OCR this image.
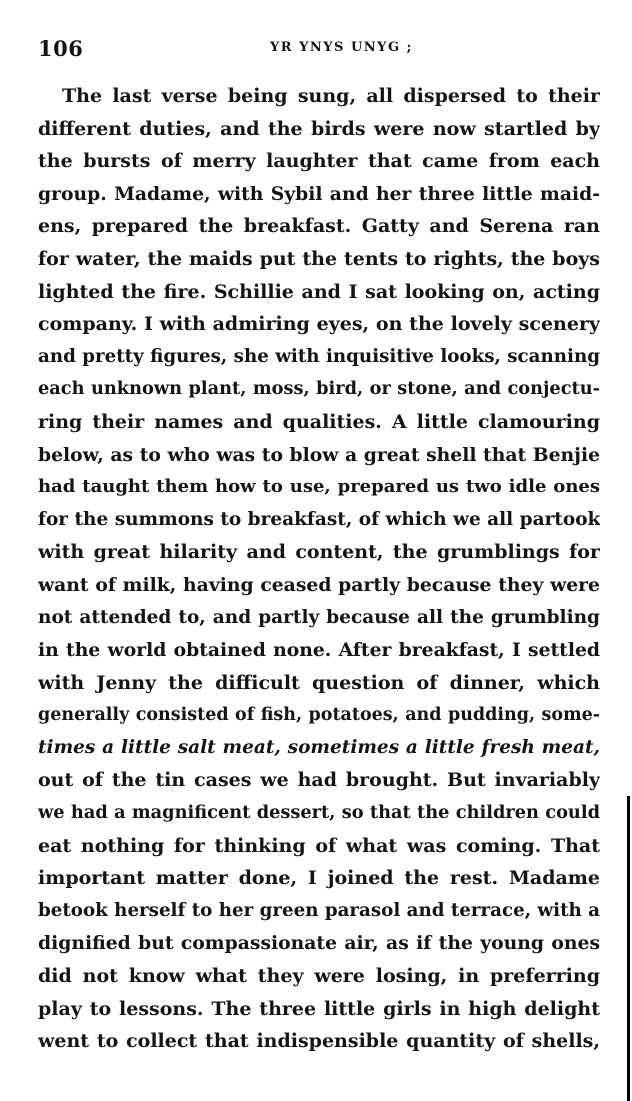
106	YR YNYS UNYG ;
The last verse being sung, all dispersed to their
different duties, and the birds were now startled by
the bursts of merry laughter that came from each
group. Madame, with Sybil and her three little maid-
ens, prepared the breakfast. Gatty and Serena ran
for water, the maids put the tents to rights, the boys
lighted the fire. Schillie and I sat looking on, acting
company. I with admiring eyes, on the lovely scenery
and pretty figures, she with inquisitive looks, scanning
each unknown plant, moss, bird, or stone, and conjectu-
ring their names and qualities. A little clamouring
below, as to who was to blow a great shell that Benjie
had taught them how to use, prepared us two idle ones
for the summons to breakfast, of which we all partook
with great hilarity and content, the grumblings for
want of milk, having ceased partly because they were
not attended to, and partly because all the grumbling
in the world obtained none. After breakfast, I settled
with Jenny the difficult question of dinner, which
generally consisted of fish, potatoes, and pudding, some-
times a little salt meat, sometimes a little fresh meat,
out of the tin cases we had brought. But invariably
we had a magnificent dessert, so that the children could
eat nothing for thinking of what was coming. That
important matter done, I joined the rest. Madame
betook herself to her green parasol and terrace, with a
dignified but compassionate air, as if the young ones
did not know what they were losing, in preferring
play to lessons. The three little girls in high delight
went to collect that indispensible quantity of shells,
